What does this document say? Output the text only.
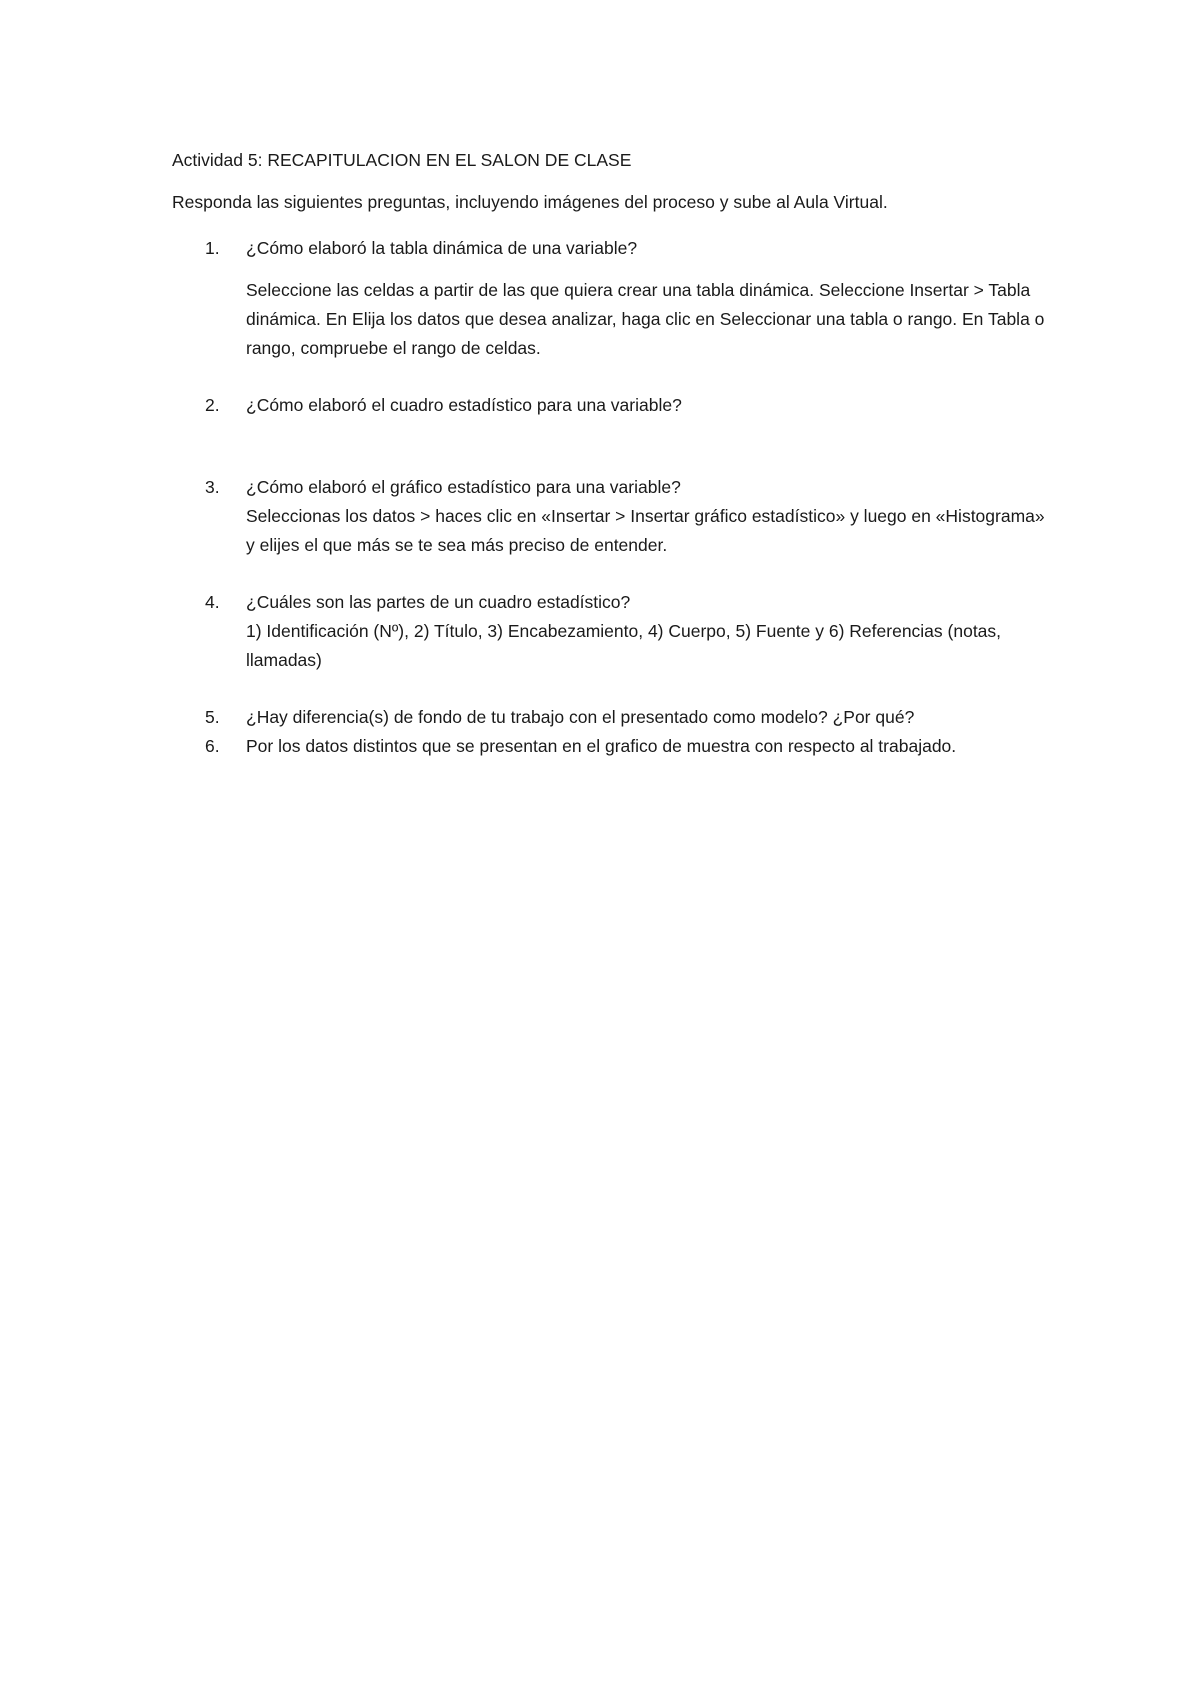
Actividad 5: RECAPITULACION EN EL SALON DE CLASE

Responda las siguientes preguntas, incluyendo imágenes del proceso y sube al Aula Virtual.

1. ¿Cómo elaboró la tabla dinámica de una variable?
Seleccione las celdas a partir de las que quiera crear una tabla dinámica. Seleccione Insertar > Tabla dinámica. En Elija los datos que desea analizar, haga clic en Seleccionar una tabla o rango. En Tabla o rango, compruebe el rango de celdas.
2. ¿Cómo elaboró el cuadro estadístico para una variable?
3. ¿Cómo elaboró el gráfico estadístico para una variable?
Seleccionas los datos > haces clic en «Insertar > Insertar gráfico estadístico» y luego en «Histograma» y elijes el que más se te sea más preciso de entender.
4. ¿Cuáles son las partes de un cuadro estadístico?
1) Identificación (Nº), 2) Título, 3) Encabezamiento, 4) Cuerpo, 5) Fuente y 6) Referencias (notas, llamadas)
5. ¿Hay diferencia(s) de fondo de tu trabajo con el presentado como modelo? ¿Por qué?
6. Por los datos distintos que se presentan en el grafico de muestra con respecto al trabajado.
